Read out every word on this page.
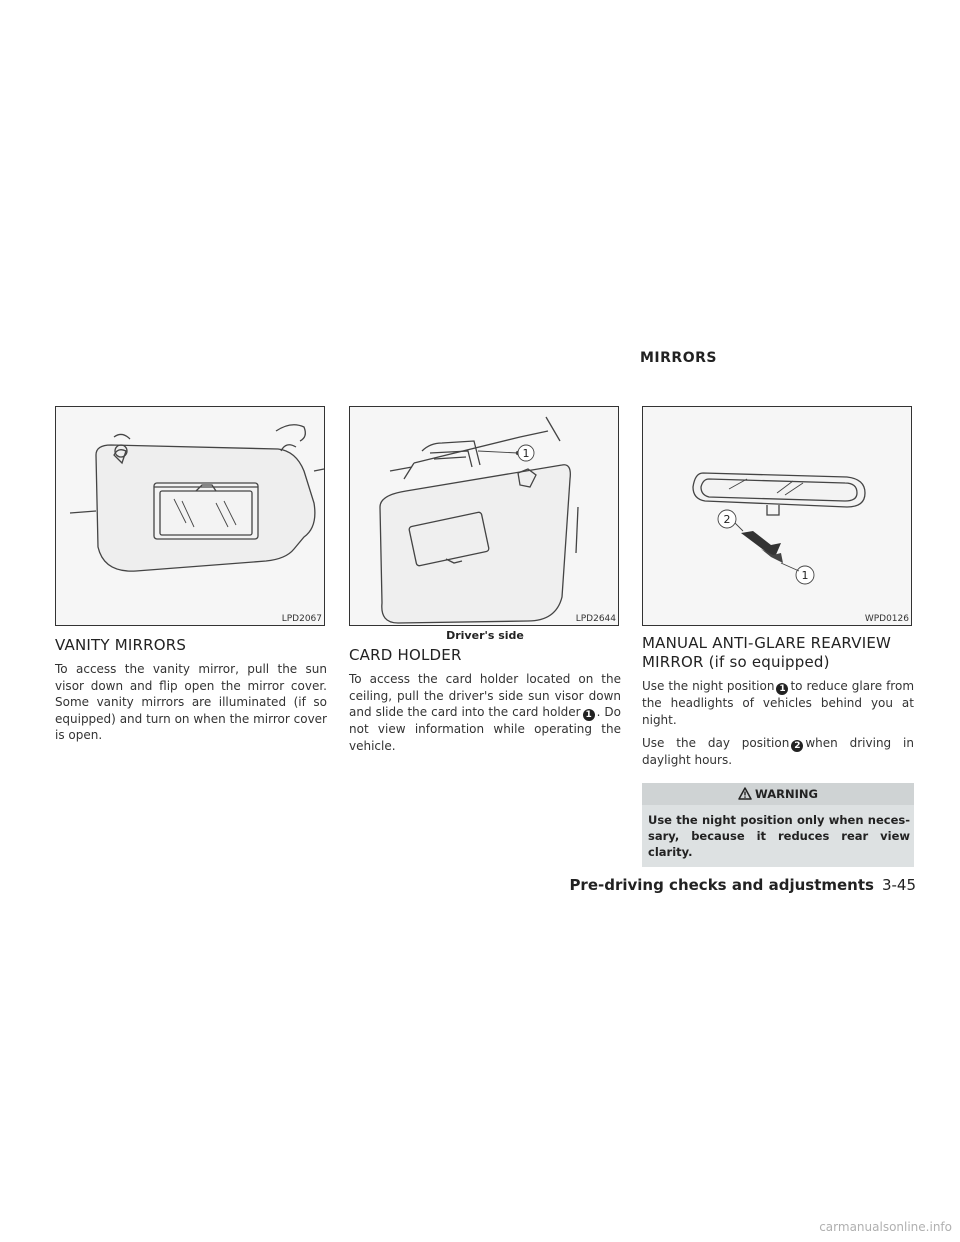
MIRRORS
LPD2067
VANITY MIRRORS

To access the vanity mirror, pull the sun visor down and flip open the mirror cover. Some vanity mirrors are illuminated (if so equipped) and turn on when the mirror cover is open.

1
LPD2644
Driver's side
CARD HOLDER

To access the card holder located on the ceiling, pull the driver's side sun visor down and slide the card into the card holder 1 . Do not view information while operating the vehicle.

2
1
WPD0126
MANUAL ANTI-GLARE REARVIEW
MIRROR (if so equipped)

Use the night position 1 to reduce glare from the headlights of vehicles behind you at night.

Use the day position 2 when driving in daylight hours.

WARNING
Use the night position only when neces-sary, because it reduces rear view clarity.
Pre-driving checks and adjustments 3-45
carmanualsonline.info
